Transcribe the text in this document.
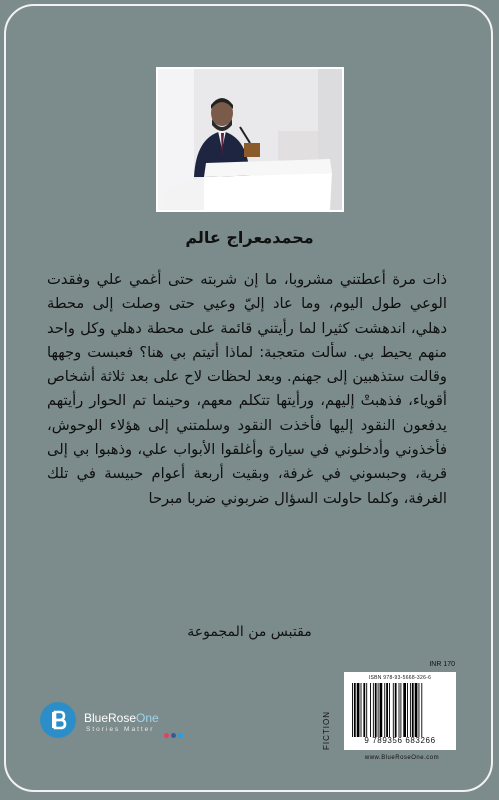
محمدمعراج عالم
ذات مرة أعطتني مشروبا، ما إن شربته حتى أغمي علي وفقدت الوعي طول اليوم، وما عاد إليّ وعيي حتى وصلت إلى محطة دهلي، اندهشت كثيرا لما رأيتني قائمة على محطة دهلي وكل واحد منهم يحيط بي. سألت متعجبة: لماذا أتيتم بي هنا؟ فعبست وجهها وقالت ستذهبين إلى جهنم. وبعد لحظات لاح على بعد ثلاثة أشخاص أقوياء، فذهبتْ إليهم، ورأيتها تتكلم معهم، وحينما تم الحوار رأيتهم يدفعون النقود إليها فأخذت النقود وسلمتني إلى هؤلاء الوحوش، فأخذوني وأدخلوني في سيارة وأغلقوا الأبواب علي، وذهبوا بي إلى قرية، وحبسوني في غرفة، وبقيت أربعة أعوام حبيسة في تلك الغرفة، وكلما حاولت السؤال ضربوني ضربا مبرحا
مقتبس من المجموعة
INR 170
FICTION
ISBN 978-93-5668-326-6
9 789356 683266
www.BlueRoseOne.com
BlueRoseOne
Stories Matter
